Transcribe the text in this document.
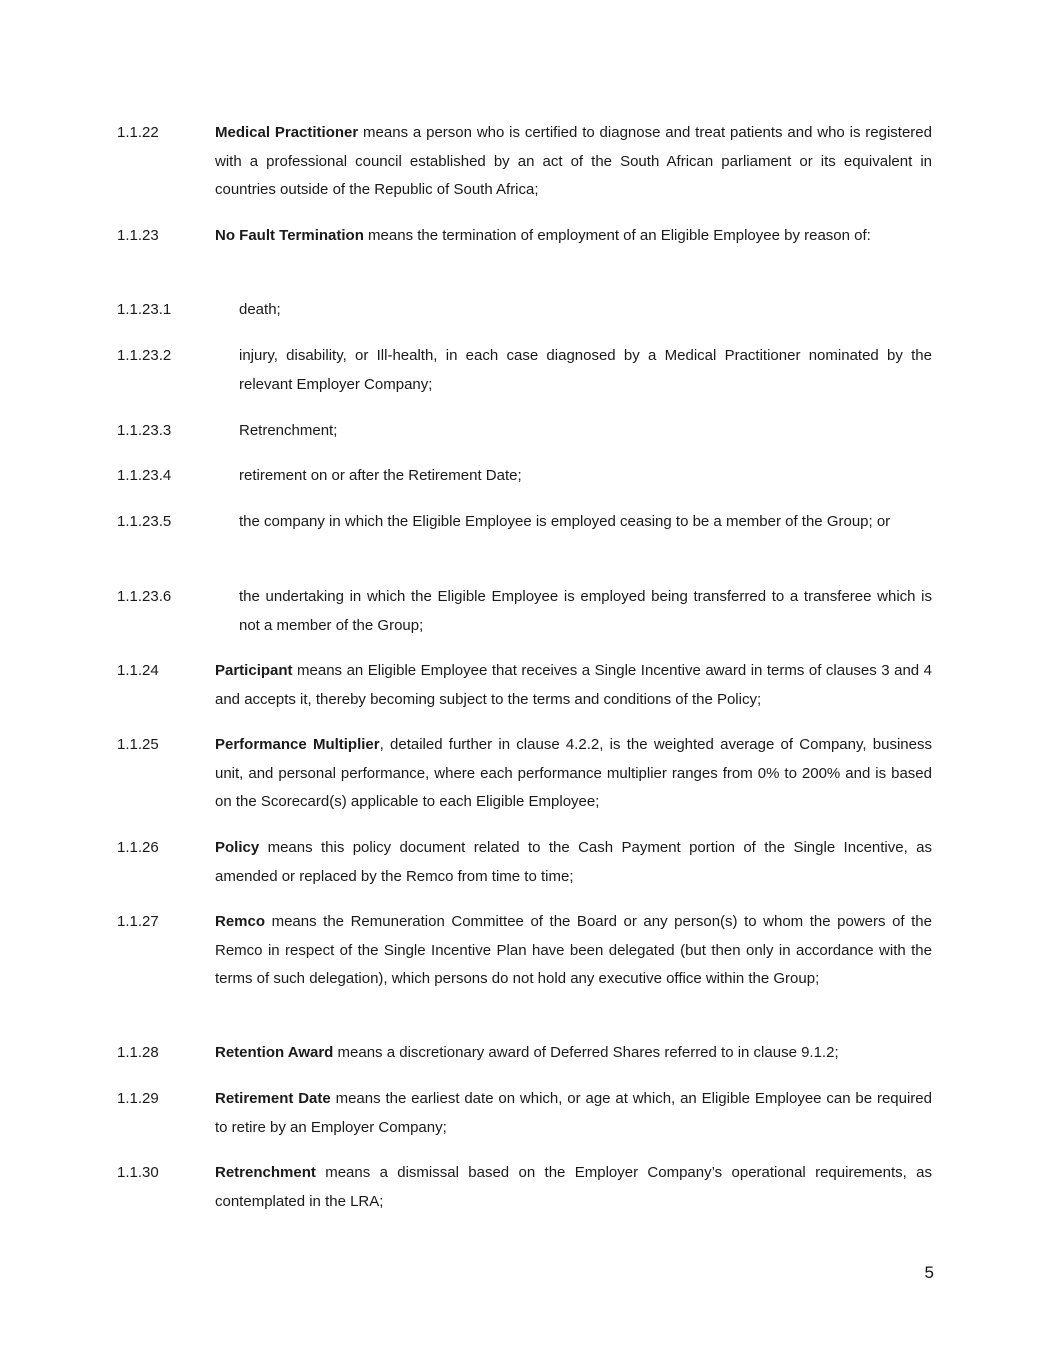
1.1.22	Medical Practitioner means a person who is certified to diagnose and treat patients and who is registered with a professional council established by an act of the South African parliament or its equivalent in countries outside of the Republic of South Africa;

1.1.23	No Fault Termination means the termination of employment of an Eligible Employee by reason of:

1.1.23.1	death;

1.1.23.2	injury, disability, or Ill-health, in each case diagnosed by a Medical Practitioner nominated by the relevant Employer Company;

1.1.23.3	Retrenchment;

1.1.23.4	retirement on or after the Retirement Date;

1.1.23.5	the company in which the Eligible Employee is employed ceasing to be a member of the Group; or

1.1.23.6	the undertaking in which the Eligible Employee is employed being transferred to a transferee which is not a member of the Group;

1.1.24	Participant means an Eligible Employee that receives a Single Incentive award in terms of clauses 3 and 4 and accepts it, thereby becoming subject to the terms and conditions of the Policy;

1.1.25	Performance Multiplier, detailed further in clause 4.2.2, is the weighted average of Company, business unit, and personal performance, where each performance multiplier ranges from 0% to 200% and is based on the Scorecard(s) applicable to each Eligible Employee;

1.1.26	Policy means this policy document related to the Cash Payment portion of the Single Incentive, as amended or replaced by the Remco from time to time;

1.1.27	Remco means the Remuneration Committee of the Board or any person(s) to whom the powers of the Remco in respect of the Single Incentive Plan have been delegated (but then only in accordance with the terms of such delegation), which persons do not hold any executive office within the Group;

1.1.28	Retention Award means a discretionary award of Deferred Shares referred to in clause 9.1.2;

1.1.29	Retirement Date means the earliest date on which, or age at which, an Eligible Employee can be required to retire by an Employer Company;

1.1.30	Retrenchment means a dismissal based on the Employer Company’s operational requirements, as contemplated in the LRA;

5
